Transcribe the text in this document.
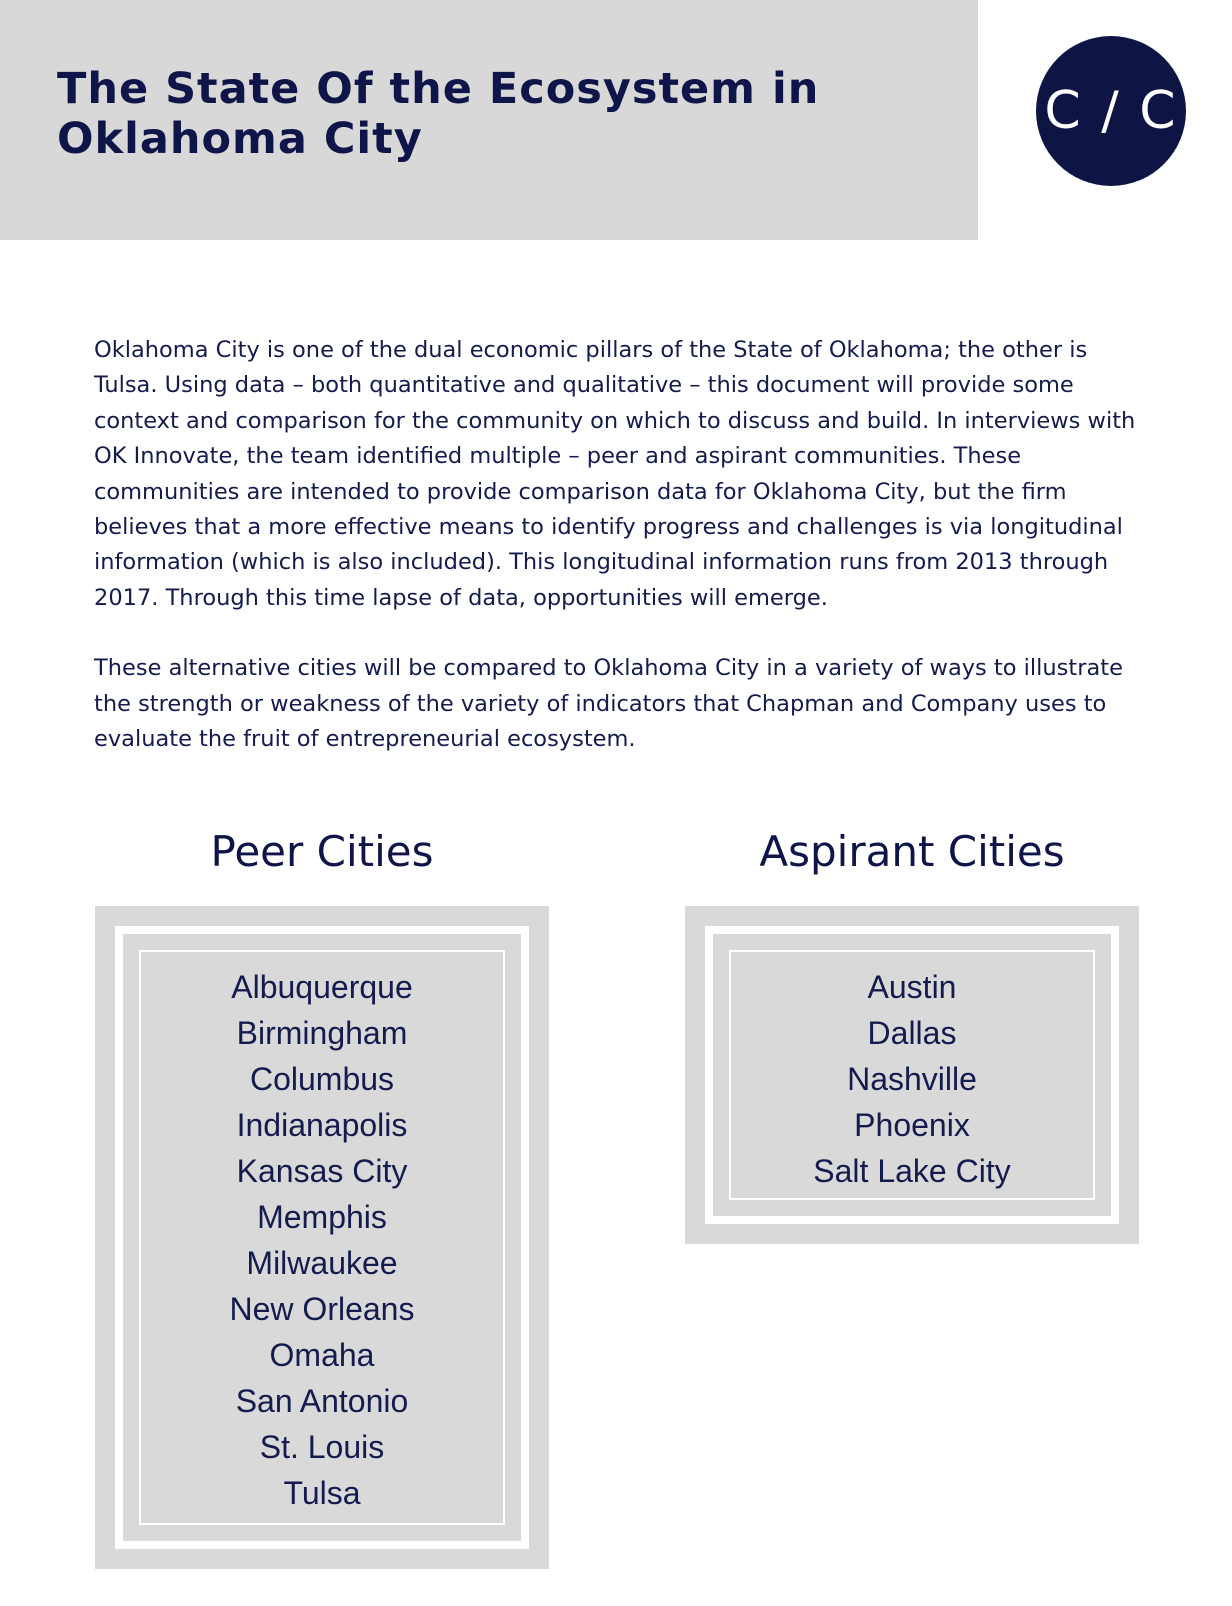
The State Of the Ecosystem in
Oklahoma City	C / C

Oklahoma City is one of the dual economic pillars of the State of Oklahoma; the other is Tulsa. Using data – both quantitative and qualitative – this document will provide some context and comparison for the community on which to discuss and build. In interviews with OK Innovate, the team identified multiple – peer and aspirant communities. These communities are intended to provide comparison data for Oklahoma City, but the firm believes that a more effective means to identify progress and challenges is via longitudinal information (which is also included). This longitudinal information runs from 2013 through 2017. Through this time lapse of data, opportunities will emerge.

These alternative cities will be compared to Oklahoma City in a variety of ways to illustrate the strength or weakness of the variety of indicators that Chapman and Company uses to evaluate the fruit of entrepreneurial ecosystem.

Peer Cities	Aspirant Cities
Albuquerque
Birmingham
Columbus
Indianapolis
Kansas City
Memphis
Milwaukee
New Orleans
Omaha
San Antonio
St. Louis
Tulsa
Austin
Dallas
Nashville
Phoenix
Salt Lake City
